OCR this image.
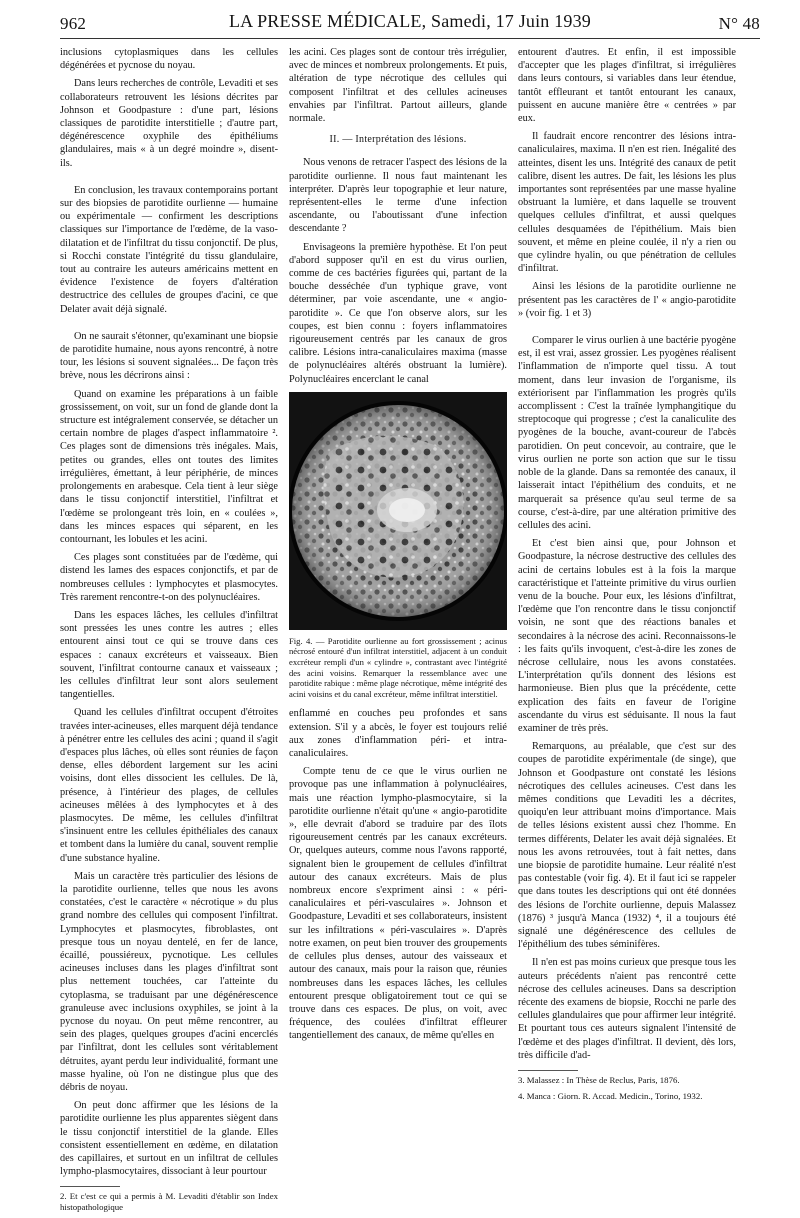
962	LA PRESSE MÉDICALE, Samedi, 17 Juin 1939	N° 48

inclusions cytoplasmiques dans les cellules dégénérées et pycnose du noyau.

Dans leurs recherches de contrôle, Levaditi et ses collaborateurs retrouvent les lésions décrites par Johnson et Goodpasture : d'une part, lésions classiques de parotidite interstitielle ; d'autre part, dégénérescence oxyphile des épithéliums glandulaires, mais « à un degré moindre », disent-ils.

En conclusion, les travaux contemporains portant sur des biopsies de parotidite ourlienne — humaine ou expérimentale — confirment les descriptions classiques sur l'importance de l'œdème, de la vaso-dilatation et de l'infiltrat du tissu conjonctif. De plus, si Rocchi constate l'intégrité du tissu glandulaire, tout au contraire les auteurs américains mettent en évidence l'existence de foyers d'altération destructrice des cellules de groupes d'acini, ce que Delater avait déjà signalé.

On ne saurait s'étonner, qu'examinant une biopsie de parotidite humaine, nous ayons rencontré, à notre tour, les lésions si souvent signalées... De façon très brève, nous les décrirons ainsi :

Quand on examine les préparations à un faible grossissement, on voit, sur un fond de glande dont la structure est intégralement conservée, se détacher un certain nombre de plages d'aspect inflammatoire ². Ces plages sont de dimensions très inégales. Mais, petites ou grandes, elles ont toutes des limites irrégulières, émettant, à leur périphérie, de minces prolongements en arabesque. Cela tient à leur siège dans le tissu conjonctif interstitiel, l'infiltrat et l'œdème se prolongeant très loin, en « coulées », dans les minces espaces qui séparent, en les contournant, les lobules et les acini.

Ces plages sont constituées par de l'œdème, qui distend les lames des espaces conjonctifs, et par de nombreuses cellules : lymphocytes et plasmocytes. Très rarement rencontre-t-on des polynucléaires.

Dans les espaces lâches, les cellules d'infiltrat sont pressées les unes contre les autres ; elles entourent ainsi tout ce qui se trouve dans ces espaces : canaux excréteurs et vaisseaux. Bien souvent, l'infiltrat contourne canaux et vaisseaux ; les cellules d'infiltrat leur sont alors seulement tangentielles.

Quand les cellules d'infiltrat occupent d'étroites travées inter-acineuses, elles marquent déjà tendance à pénétrer entre les cellules des acini ; quand il s'agit d'espaces plus lâches, où elles sont réunies de façon dense, elles débordent largement sur les acini voisins, dont elles dissocient les cellules. De là, présence, à l'intérieur des plages, de cellules acineuses mêlées à des lymphocytes et à des plasmocytes. De même, les cellules d'infiltrat s'insinuent entre les cellules épithéliales des canaux et tombent dans la lumière du canal, souvent remplie d'une substance hyaline.

Mais un caractère très particulier des lésions de la parotidite ourlienne, telles que nous les avons constatées, c'est le caractère « nécrotique » du plus grand nombre des cellules qui composent l'infiltrat. Lymphocytes et plasmocytes, fibroblastes, ont presque tous un noyau dentelé, en fer de lance, écaillé, poussiéreux, pycnotique. Les cellules acineuses incluses dans les plages d'infiltrat sont plus nettement touchées, car l'atteinte du cytoplasma, se traduisant par une dégénérescence granuleuse avec inclusions oxyphiles, se joint à la pycnose du noyau. On peut même rencontrer, au sein des plages, quelques groupes d'acini encerclés par l'infiltrat, dont les cellules sont véritablement détruites, ayant perdu leur individualité, formant une masse hyaline, où l'on ne distingue plus que des débris de noyau.

On peut donc affirmer que les lésions de la parotidite ourlienne les plus apparentes siègent dans le tissu conjonctif interstitiel de la glande. Elles consistent essentiellement en œdème, en dilatation des capillaires, et surtout en un infiltrat de cellules lympho-plasmocytaires, dissociant à leur pourtour

2. Et c'est ce qui a permis à M. Levaditi d'établir son Index histopathologique

les acini. Ces plages sont de contour très irrégulier, avec de minces et nombreux prolongements. Et puis, altération de type nécrotique des cellules qui composent l'infiltrat et des cellules acineuses envahies par l'infiltrat. Partout ailleurs, glande normale.

II. — Interprétation des lésions.

Nous venons de retracer l'aspect des lésions de la parotidite ourlienne. Il nous faut maintenant les interpréter. D'après leur topographie et leur nature, représentent-elles le terme d'une infection ascendante, ou l'aboutissant d'une infection descendante ?

Envisageons la première hypothèse. Et l'on peut d'abord supposer qu'il en est du virus ourlien, comme de ces bactéries figurées qui, partant de la bouche desséchée d'un typhique grave, vont déterminer, par voie ascendante, une « angio-parotidite ». Ce que l'on observe alors, sur les coupes, est bien connu : foyers inflammatoires rigoureusement centrés par les canaux de gros calibre. Lésions intra-canaliculaires maxima (masse de polynucléaires altérés obstruant la lumière). Polynucléaires encerclant le canal

Fig. 4. — Parotidite ourlienne au fort grossissement ; acinus nécrosé entouré d'un infiltrat interstitiel, adjacent à un conduit excréteur rempli d'un « cylindre », contrastant avec l'intégrité des acini voisins. Remarquer la ressemblance avec une parotidite rabique : même plage nécrotique, même intégrité des acini voisins et du canal excréteur, même infiltrat interstitiel.

enflammé en couches peu profondes et sans extension. S'il y a abcès, le foyer est toujours relié aux zones d'inflammation péri- et intra-canaliculaires.

Compte tenu de ce que le virus ourlien ne provoque pas une inflammation à polynucléaires, mais une réaction lympho-plasmocytaire, si la parotidite ourlienne n'était qu'une « angio-parotidite », elle devrait d'abord se traduire par des îlots rigoureusement centrés par les canaux excréteurs. Or, quelques auteurs, comme nous l'avons rapporté, signalent bien le groupement de cellules d'infiltrat autour des canaux excréteurs. Mais de plus nombreux encore s'expriment ainsi : « péri-canaliculaires et péri-vasculaires ». Johnson et Goodpasture, Levaditi et ses collaborateurs, insistent sur les infiltrations « péri-vasculaires ». D'après notre examen, on peut bien trouver des groupements de cellules plus denses, autour des vaisseaux et autour des canaux, mais pour la raison que, réunies nombreuses dans les espaces lâches, les cellules entourent presque obligatoirement tout ce qui se trouve dans ces espaces. De plus, on voit, avec fréquence, des coulées d'infiltrat effleurer tangentiellement des canaux, de même qu'elles en

entourent d'autres. Et enfin, il est impossible d'accepter que les plages d'infiltrat, si irrégulières dans leurs contours, si variables dans leur étendue, tantôt effleurant et tantôt entourant les canaux, puissent en aucune manière être « centrées » par eux.

Il faudrait encore rencontrer des lésions intra-canaliculaires, maxima. Il n'en est rien. Inégalité des atteintes, disent les uns. Intégrité des canaux de petit calibre, disent les autres. De fait, les lésions les plus importantes sont représentées par une masse hyaline obstruant la lumière, et dans laquelle se trouvent quelques cellules d'infiltrat, et aussi quelques cellules desquamées de l'épithélium. Mais bien souvent, et même en pleine coulée, il n'y a rien ou que cylindre hyalin, ou que pénétration de cellules d'infiltrat.

Ainsi les lésions de la parotidite ourlienne ne présentent pas les caractères de l' « angio-parotidite » (voir fig. 1 et 3)

Comparer le virus ourlien à une bactérie pyogène est, il est vrai, assez grossier. Les pyogènes réalisent l'inflammation de n'importe quel tissu. A tout moment, dans leur invasion de l'organisme, ils extériorisent par l'inflammation les progrès qu'ils accomplissent : C'est la traînée lymphangitique du streptocoque qui progresse ; c'est la canaliculite des pyogènes de la bouche, avant-coureur de l'abcès parotidien. On peut concevoir, au contraire, que le virus ourlien ne porte son action que sur le tissu noble de la glande. Dans sa remontée des canaux, il laisserait intact l'épithélium des conduits, et ne marquerait sa présence qu'au seul terme de sa course, c'est-à-dire, par une altération primitive des cellules des acini.

Et c'est bien ainsi que, pour Johnson et Goodpasture, la nécrose destructive des cellules des acini de certains lobules est à la fois la marque caractéristique et l'atteinte primitive du virus ourlien venu de la bouche. Pour eux, les lésions d'infiltrat, l'œdème que l'on rencontre dans le tissu conjonctif voisin, ne sont que des réactions banales et secondaires à la nécrose des acini. Reconnaissons-le : les faits qu'ils invoquent, c'est-à-dire les zones de nécrose cellulaire, nous les avons constatées. L'interprétation qu'ils donnent des lésions est harmonieuse. Bien plus que la précédente, cette explication des faits en faveur de l'origine ascendante du virus est séduisante. Il nous la faut examiner de très près.

Remarquons, au préalable, que c'est sur des coupes de parotidite expérimentale (de singe), que Johnson et Goodpasture ont constaté les lésions nécrotiques des cellules acineuses. C'est dans les mêmes conditions que Levaditi les a décrites, quoiqu'en leur attribuant moins d'importance. Mais de telles lésions existent aussi chez l'homme. En termes différents, Delater les avait déjà signalées. Et nous les avons retrouvées, tout à fait nettes, dans une biopsie de parotidite humaine. Leur réalité n'est pas contestable (voir fig. 4). Et il faut ici se rappeler que dans toutes les descriptions qui ont été données des lésions de l'orchite ourlienne, depuis Malassez (1876) ³ jusqu'à Manca (1932) ⁴, il a toujours été signalé une dégénérescence des cellules de l'épithélium des tubes séminifères.

Il n'en est pas moins curieux que presque tous les auteurs précédents n'aient pas rencontré cette nécrose des cellules acineuses. Dans sa description récente des examens de biopsie, Rocchi ne parle des cellules glandulaires que pour affirmer leur intégrité. Et pourtant tous ces auteurs signalent l'intensité de l'œdème et des plages d'infiltrat. Il devient, dès lors, très difficile d'ad-

3. Malassez : In Thèse de Reclus, Paris, 1876.

4. Manca : Giorn. R. Accad. Medicin., Torino, 1932.
